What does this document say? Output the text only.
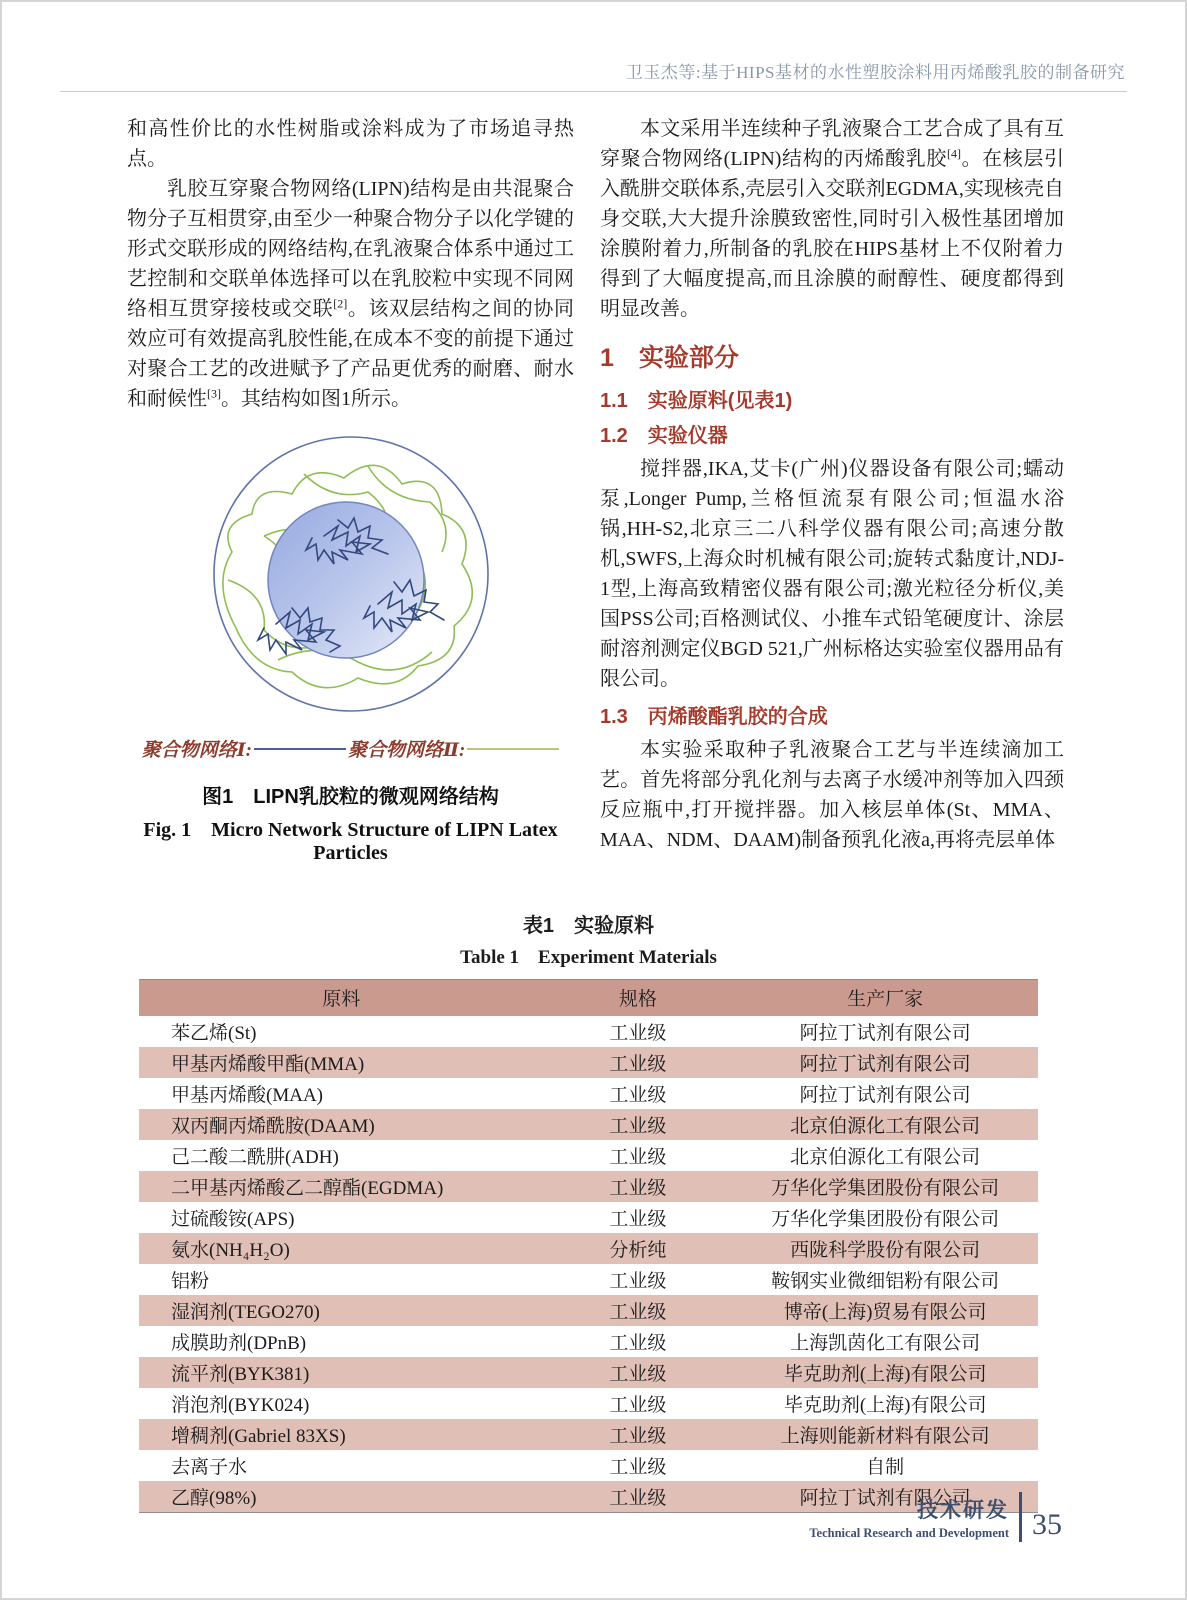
卫玉杰等:基于HIPS基材的水性塑胶涂料用丙烯酸乳胶的制备研究

和高性价比的水性树脂或涂料成为了市场追寻热点。

乳胶互穿聚合物网络(LIPN)结构是由共混聚合物分子互相贯穿,由至少一种聚合物分子以化学键的形式交联形成的网络结构,在乳液聚合体系中通过工艺控制和交联单体选择可以在乳胶粒中实现不同网络相互贯穿接枝或交联[2]。该双层结构之间的协同效应可有效提高乳胶性能,在成本不变的前提下通过对聚合工艺的改进赋予了产品更优秀的耐磨、耐水和耐候性[3]。其结构如图1所示。

聚合物网络Ⅰ:	聚合物网络Ⅱ:
图1　LIPN乳胶粒的微观网络结构
Fig. 1　Micro Network Structure of LIPN Latex Particles

本文采用半连续种子乳液聚合工艺合成了具有互穿聚合物网络(LIPN)结构的丙烯酸乳胶[4]。在核层引入酰肼交联体系,壳层引入交联剂EGDMA,实现核壳自身交联,大大提升涂膜致密性,同时引入极性基团增加涂膜附着力,所制备的乳胶在HIPS基材上不仅附着力得到了大幅度提高,而且涂膜的耐醇性、硬度都得到明显改善。

1　实验部分
1.1　实验原料(见表1)
1.2　实验仪器

搅拌器,IKA,艾卡(广州)仪器设备有限公司;蠕动泵,Longer Pump,兰格恒流泵有限公司;恒温水浴锅,HH-S2,北京三二八科学仪器有限公司;高速分散机,SWFS,上海众时机械有限公司;旋转式黏度计,NDJ-1型,上海高致精密仪器有限公司;激光粒径分析仪,美国PSS公司;百格测试仪、小推车式铅笔硬度计、涂层耐溶剂测定仪BGD 521,广州标格达实验室仪器用品有限公司。

1.3　丙烯酸酯乳胶的合成

本实验采取种子乳液聚合工艺与半连续滴加工艺。首先将部分乳化剂与去离子水缓冲剂等加入四颈反应瓶中,打开搅拌器。加入核层单体(St、MMA、MAA、NDM、DAAM)制备预乳化液a,再将壳层单体

表1　实验原料
Table 1　Experiment Materials
原料	规格	生产厂家
苯乙烯(St)	工业级	阿拉丁试剂有限公司
甲基丙烯酸甲酯(MMA)	工业级	阿拉丁试剂有限公司
甲基丙烯酸(MAA)	工业级	阿拉丁试剂有限公司
双丙酮丙烯酰胺(DAAM)	工业级	北京伯源化工有限公司
己二酸二酰肼(ADH)	工业级	北京伯源化工有限公司
二甲基丙烯酸乙二醇酯(EGDMA)	工业级	万华化学集团股份有限公司
过硫酸铵(APS)	工业级	万华化学集团股份有限公司
氨水(NH₄H₂O)	分析纯	西陇科学股份有限公司
铝粉	工业级	鞍钢实业微细铝粉有限公司
湿润剂(TEGO270)	工业级	博帝(上海)贸易有限公司
成膜助剂(DPnB)	工业级	上海凯茵化工有限公司
流平剂(BYK381)	工业级	毕克助剂(上海)有限公司
消泡剂(BYK024)	工业级	毕克助剂(上海)有限公司
增稠剂(Gabriel 83XS)	工业级	上海则能新材料有限公司
去离子水	工业级	自制
乙醇(98%)	工业级	阿拉丁试剂有限公司
技术研发
Technical Research and Development 35
